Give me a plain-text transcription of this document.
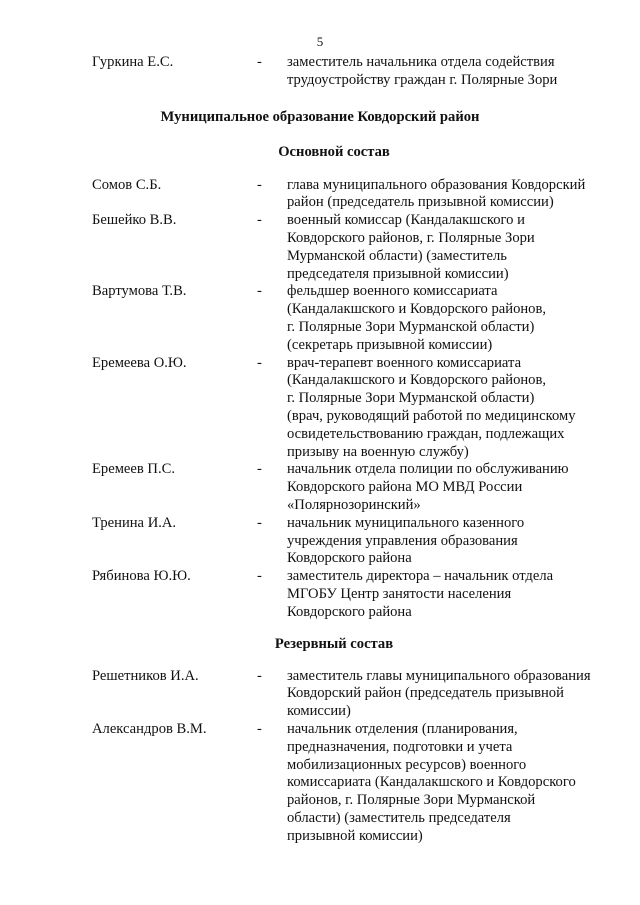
5
Гуркина Е.С.	- заместитель начальника отдела содействия
трудоустройству граждан г. Полярные Зори
Муниципальное образование Ковдорский район
Основной состав
Сомов С.Б.	- глава муниципального образования Ковдорский
район (председатель призывной комиссии)
Бешейко В.В.	- военный комиссар (Кандалакшского и
Ковдорского районов, г. Полярные Зори
Мурманской области) (заместитель
председателя призывной комиссии)
Вартумова Т.В.	- фельдшер военного комиссариата
(Кандалакшского и Ковдорского районов,
г. Полярные Зори Мурманской области)
(секретарь призывной комиссии)
Еремеева О.Ю.	- врач-терапевт военного комиссариата
(Кандалакшского и Ковдорского районов,
г. Полярные Зори Мурманской области)
(врач, руководящий работой по медицинскому
освидетельствованию граждан, подлежащих
призыву на военную службу)
Еремеев П.С.	- начальник отдела полиции по обслуживанию
Ковдорского района МО МВД России
«Полярнозоринский»
Тренина И.А.	- начальник муниципального казенного
учреждения управления образования
Ковдорского района
Рябинова Ю.Ю.	- заместитель директора – начальник отдела
МГОБУ Центр занятости населения
Ковдорского района
Резервный состав
Решетников И.А.	- заместитель главы муниципального образования
Ковдорский район (председатель призывной
комиссии)
Александров В.М.	- начальник отделения (планирования,
предназначения, подготовки и учета
мобилизационных ресурсов) военного
комиссариата (Кандалакшского и Ковдорского
районов, г. Полярные Зори Мурманской
области) (заместитель председателя
призывной комиссии)
